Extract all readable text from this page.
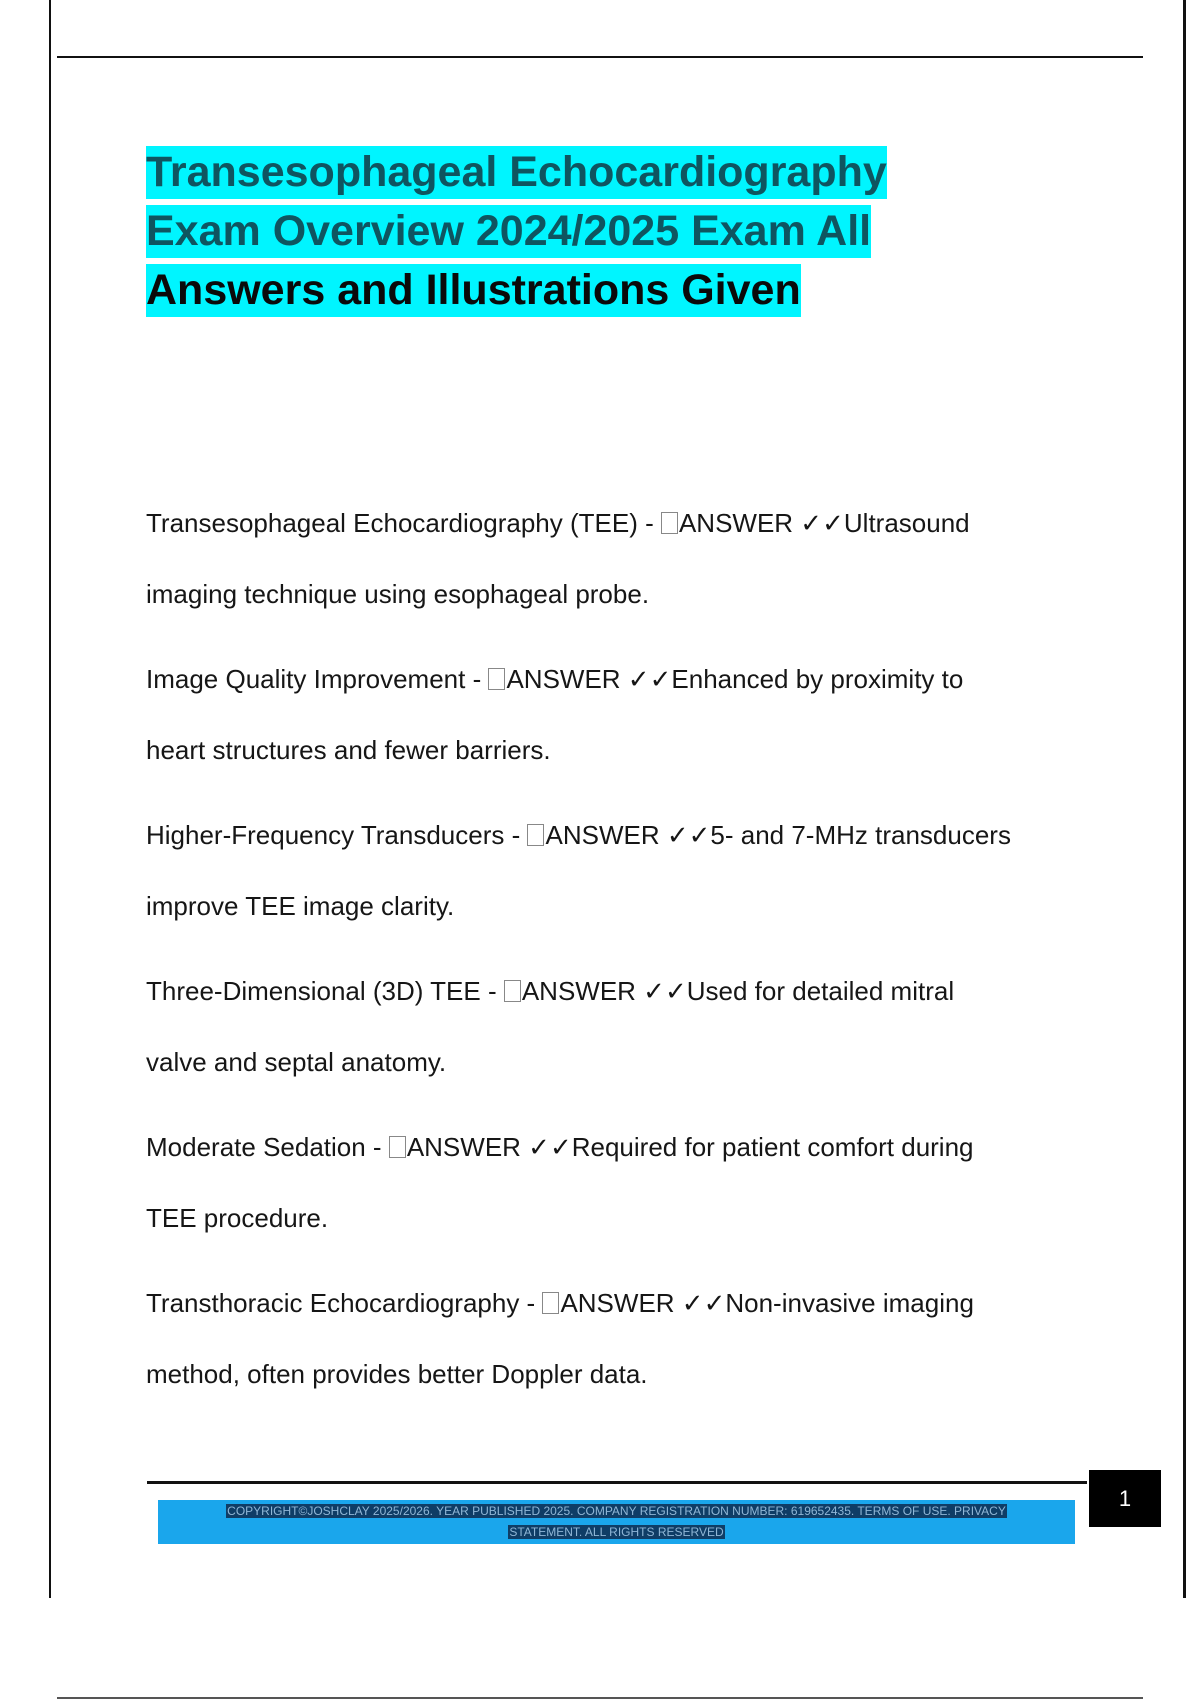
Transesophageal Echocardiography
Exam Overview 2024/2025 Exam All
Answers and Illustrations Given
Transesophageal Echocardiography (TEE) - ANSWER ✓✓Ultrasound
imaging technique using esophageal probe.
Image Quality Improvement - ANSWER ✓✓Enhanced by proximity to
heart structures and fewer barriers.
Higher-Frequency Transducers - ANSWER ✓✓5- and 7-MHz transducers
improve TEE image clarity.
Three-Dimensional (3D) TEE - ANSWER ✓✓Used for detailed mitral
valve and septal anatomy.
Moderate Sedation - ANSWER ✓✓Required for patient comfort during
TEE procedure.
Transthoracic Echocardiography - ANSWER ✓✓Non-invasive imaging
method, often provides better Doppler data.
1

COPYRIGHT©JOSHCLAY 2025/2026. YEAR PUBLISHED 2025. COMPANY REGISTRATION NUMBER: 619652435. TERMS OF USE. PRIVACY
STATEMENT. ALL RIGHTS RESERVED
